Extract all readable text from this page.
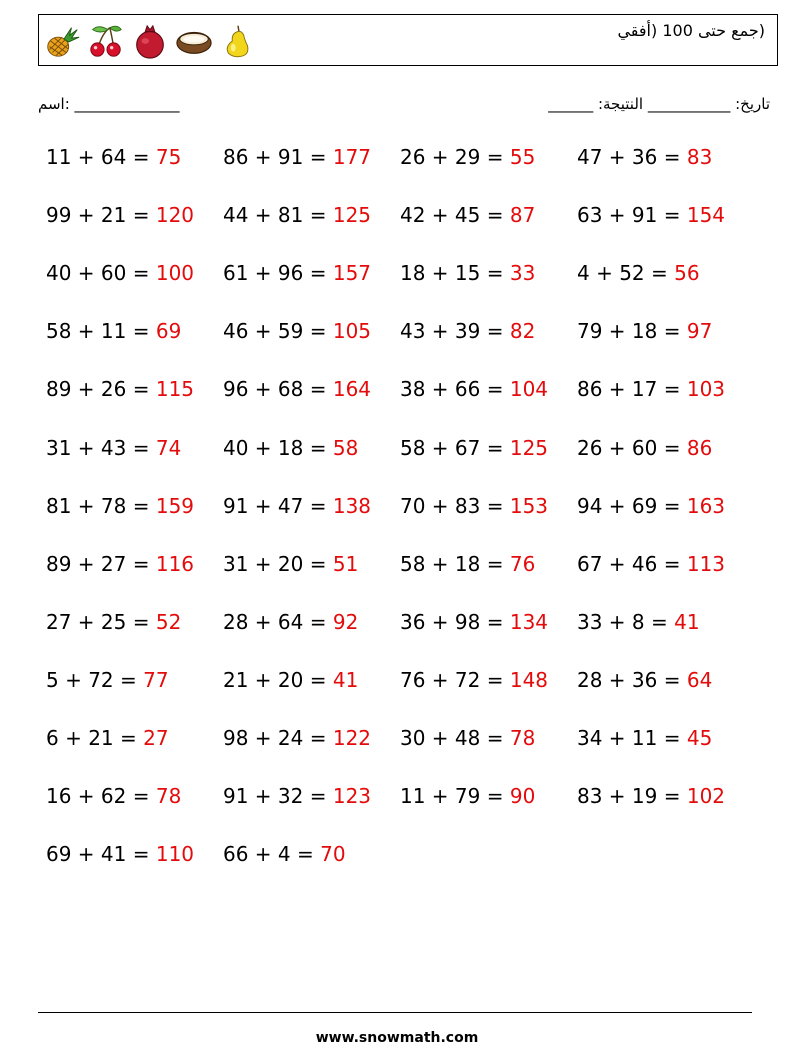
(جمع حتى 100 (أفقي
اسم: ______________	______ :تاريخ: ___________ النتيجة
11 + 64 = 75 86 + 91 = 177 26 + 29 = 55 47 + 36 = 83
99 + 21 = 120 44 + 81 = 125 42 + 45 = 87 63 + 91 = 154
40 + 60 = 100 61 + 96 = 157 18 + 15 = 33 4 + 52 = 56
58 + 11 = 69 46 + 59 = 105 43 + 39 = 82 79 + 18 = 97
89 + 26 = 115 96 + 68 = 164 38 + 66 = 104 86 + 17 = 103
31 + 43 = 74 40 + 18 = 58 58 + 67 = 125 26 + 60 = 86
81 + 78 = 159 91 + 47 = 138 70 + 83 = 153 94 + 69 = 163
89 + 27 = 116 31 + 20 = 51 58 + 18 = 76 67 + 46 = 113
27 + 25 = 52 28 + 64 = 92 36 + 98 = 134 33 + 8 = 41
5 + 72 = 77	21 + 20 = 41 76 + 72 = 148 28 + 36 = 64
6 + 21 = 27	98 + 24 = 122 30 + 48 = 78 34 + 11 = 45
16 + 62 = 78 91 + 32 = 123 11 + 79 = 90 83 + 19 = 102
69 + 41 = 110 66 + 4 = 70
www.snowmath.com
